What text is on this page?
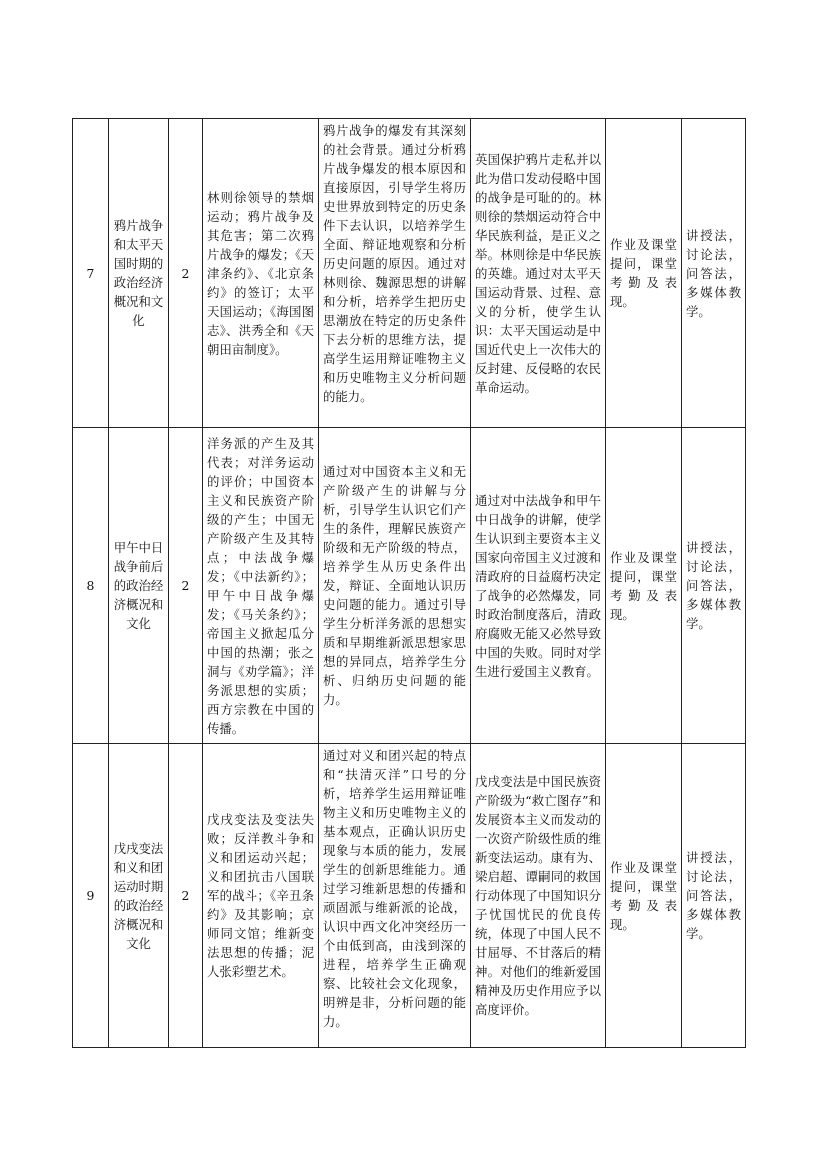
7	鸦片战争和太平天国时期的政治经济概况和文化	2	林则徐领导的禁烟运动；鸦片战争及其危害；第二次鸦片战争的爆发；《天津条约》、《北京条约》的签订；太平天国运动；《海国图志》、洪秀全和《天朝田亩制度》。	鸦片战争的爆发有其深刻的社会背景。通过分析鸦片战争爆发的根本原因和直接原因，引导学生将历史世界放到特定的历史条件下去认识，以培养学生全面、辩证地观察和分析历史问题的原因。通过对林则徐、魏源思想的讲解和分析，培养学生把历史思潮放在特定的历史条件下去分析的思维方法，提高学生运用辩证唯物主义和历史唯物主义分析问题的能力。	英国保护鸦片走私并以此为借口发动侵略中国的战争是可耻的的。林则徐的禁烟运动符合中华民族利益，是正义之举。林则徐是中华民族的英雄。通过对太平天国运动背景、过程、意义的分析，使学生认识：太平天国运动是中国近代史上一次伟大的反封建、反侵略的农民革命运动。	作业及课堂提问，课堂考勤及表现。	讲授法，讨论法，问答法，多媒体教学。
8	甲午中日战争前后的政治经济概况和文化	2	洋务派的产生及其代表；对洋务运动的评价；中国资本主义和民族资产阶级的产生；中国无产阶级产生及其特点；中法战争爆发；《中法新约》；甲午中日战争爆发；《马关条约》；帝国主义掀起瓜分中国的热潮；张之洞与《劝学篇》；洋务派思想的实质；西方宗教在中国的传播。	通过对中国资本主义和无产阶级产生的讲解与分析，引导学生认识它们产生的条件，理解民族资产阶级和无产阶级的特点，培养学生从历史条件出发，辩证、全面地认识历史问题的能力。通过引导学生分析洋务派的思想实质和早期维新派思想家思想的异同点，培养学生分析、归纳历史问题的能力。	通过对中法战争和甲午中日战争的讲解，使学生认识到主要资本主义国家向帝国主义过渡和清政府的日益腐朽决定了战争的必然爆发，同时政治制度落后，清政府腐败无能又必然导致中国的失败。同时对学生进行爱国主义教育。	作业及课堂提问，课堂考勤及表现。	讲授法，讨论法，问答法，多媒体教学。
9	戊戌变法和义和团运动时期的政治经济概况和文化	2	戊戌变法及变法失败；反洋教斗争和义和团运动兴起；义和团抗击八国联军的战斗；《辛丑条约》及其影响；京师同文馆；维新变法思想的传播；泥人张彩塑艺术。	通过对义和团兴起的特点和“扶清灭洋”口号的分析，培养学生运用辩证唯物主义和历史唯物主义的基本观点，正确认识历史现象与本质的能力，发展学生的创新思维能力。通过学习维新思想的传播和顽固派与维新派的论战，认识中西文化冲突经历一个由低到高，由浅到深的进程，培养学生正确观察、比较社会文化现象，明辨是非，分析问题的能力。	戊戌变法是中国民族资产阶级为“救亡图存”和发展资本主义而发动的一次资产阶级性质的维新变法运动。康有为、梁启超、谭嗣同的救国行动体现了中国知识分子忧国忧民的优良传统，体现了中国人民不甘屈辱、不甘落后的精神。对他们的维新爱国精神及历史作用应予以高度评价。	作业及课堂提问，课堂考勤及表现。	讲授法，讨论法，问答法，多媒体教学。
